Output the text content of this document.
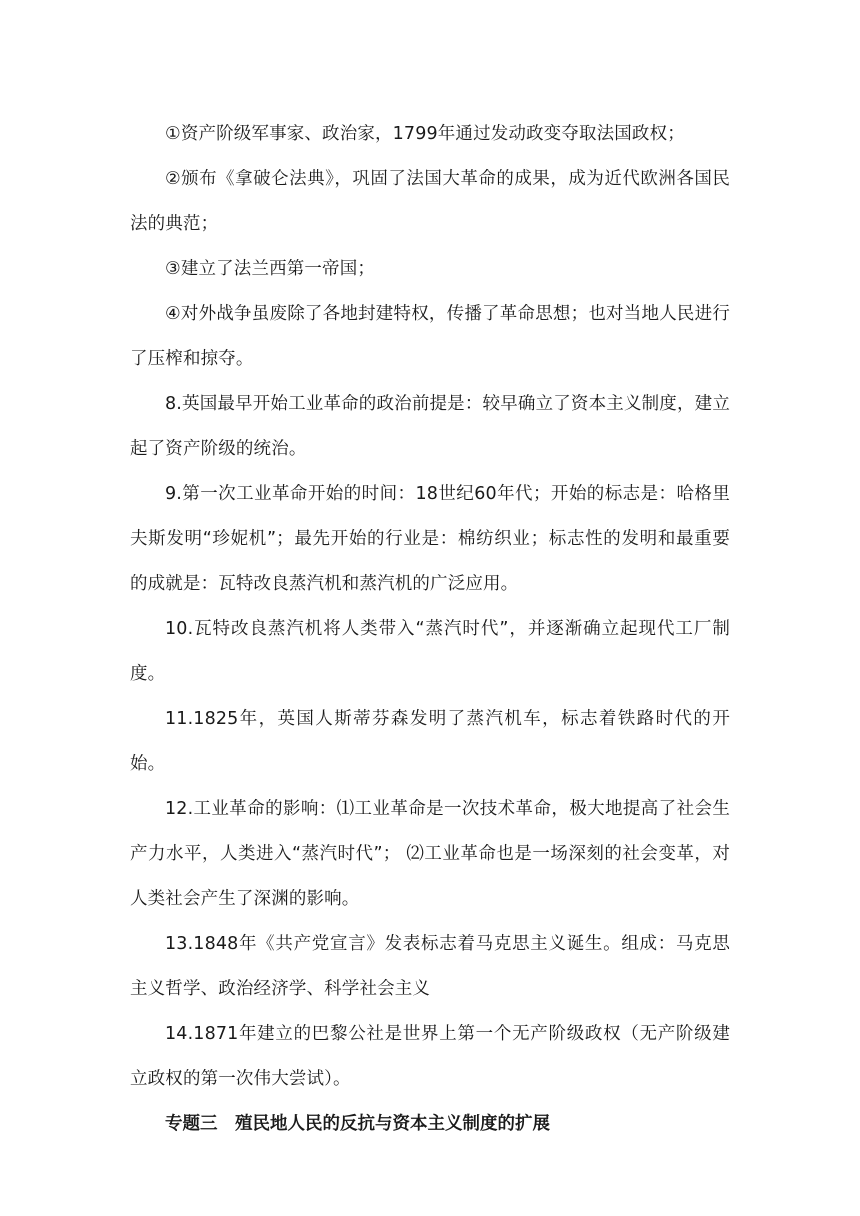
①资产阶级军事家、政治家，1799年通过发动政变夺取法国政权；

②颁布《拿破仑法典》，巩固了法国大革命的成果，成为近代欧洲各国民法的典范；

③建立了法兰西第一帝国；

④对外战争虽废除了各地封建特权，传播了革命思想；也对当地人民进行了压榨和掠夺。

8.英国最早开始工业革命的政治前提是：较早确立了资本主义制度，建立起了资产阶级的统治。

9.第一次工业革命开始的时间：18世纪60年代；开始的标志是：哈格里夫斯发明“珍妮机”；最先开始的行业是：棉纺织业；标志性的发明和最重要的成就是：瓦特改良蒸汽机和蒸汽机的广泛应用。

10.瓦特改良蒸汽机将人类带入“蒸汽时代”，并逐渐确立起现代工厂制度。

11.1825年，英国人斯蒂芬森发明了蒸汽机车，标志着铁路时代的开始。

12.工业革命的影响：⑴工业革命是一次技术革命，极大地提高了社会生产力水平，人类进入“蒸汽时代”； ⑵工业革命也是一场深刻的社会变革，对人类社会产生了深渊的影响。

13.1848年《共产党宣言》发表标志着马克思主义诞生。组成：马克思主义哲学、政治经济学、科学社会主义

14.1871年建立的巴黎公社是世界上第一个无产阶级政权（无产阶级建立政权的第一次伟大尝试）。

专题三　殖民地人民的反抗与资本主义制度的扩展
